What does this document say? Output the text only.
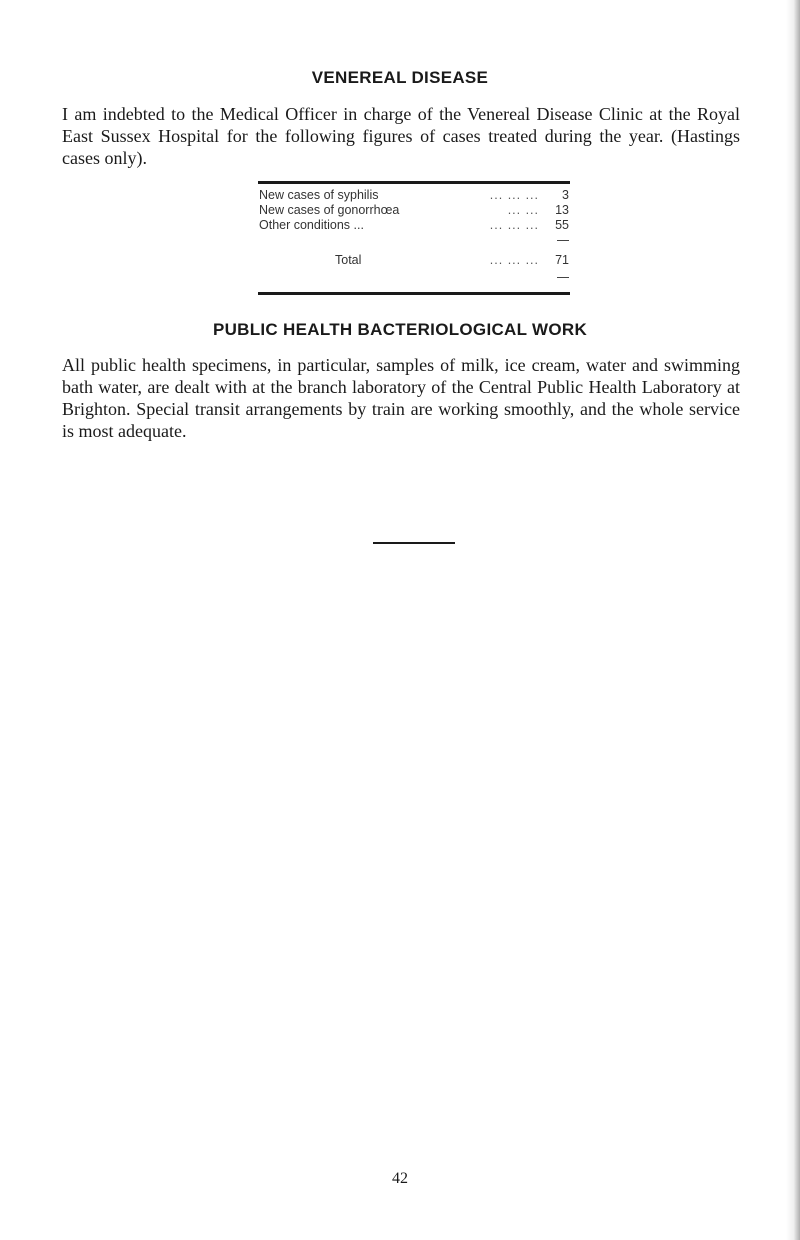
VENEREAL DISEASE
I am indebted to the Medical Officer in charge of the Venereal Disease Clinic at the Royal East Sussex Hospital for the following figures of cases treated during the year. (Hastings cases only).
New cases of syphilis	... ... ... 3
New cases of gonorrhœa	... ... 13
Other conditions ...	... ... ... 55
Total	... ... ... 71
PUBLIC HEALTH BACTERIOLOGICAL WORK
All public health specimens, in particular, samples of milk, ice cream, water and swimming bath water, are dealt with at the branch laboratory of the Central Public Health Laboratory at Brighton. Special transit arrangements by train are working smoothly, and the whole service is most adequate.
42
